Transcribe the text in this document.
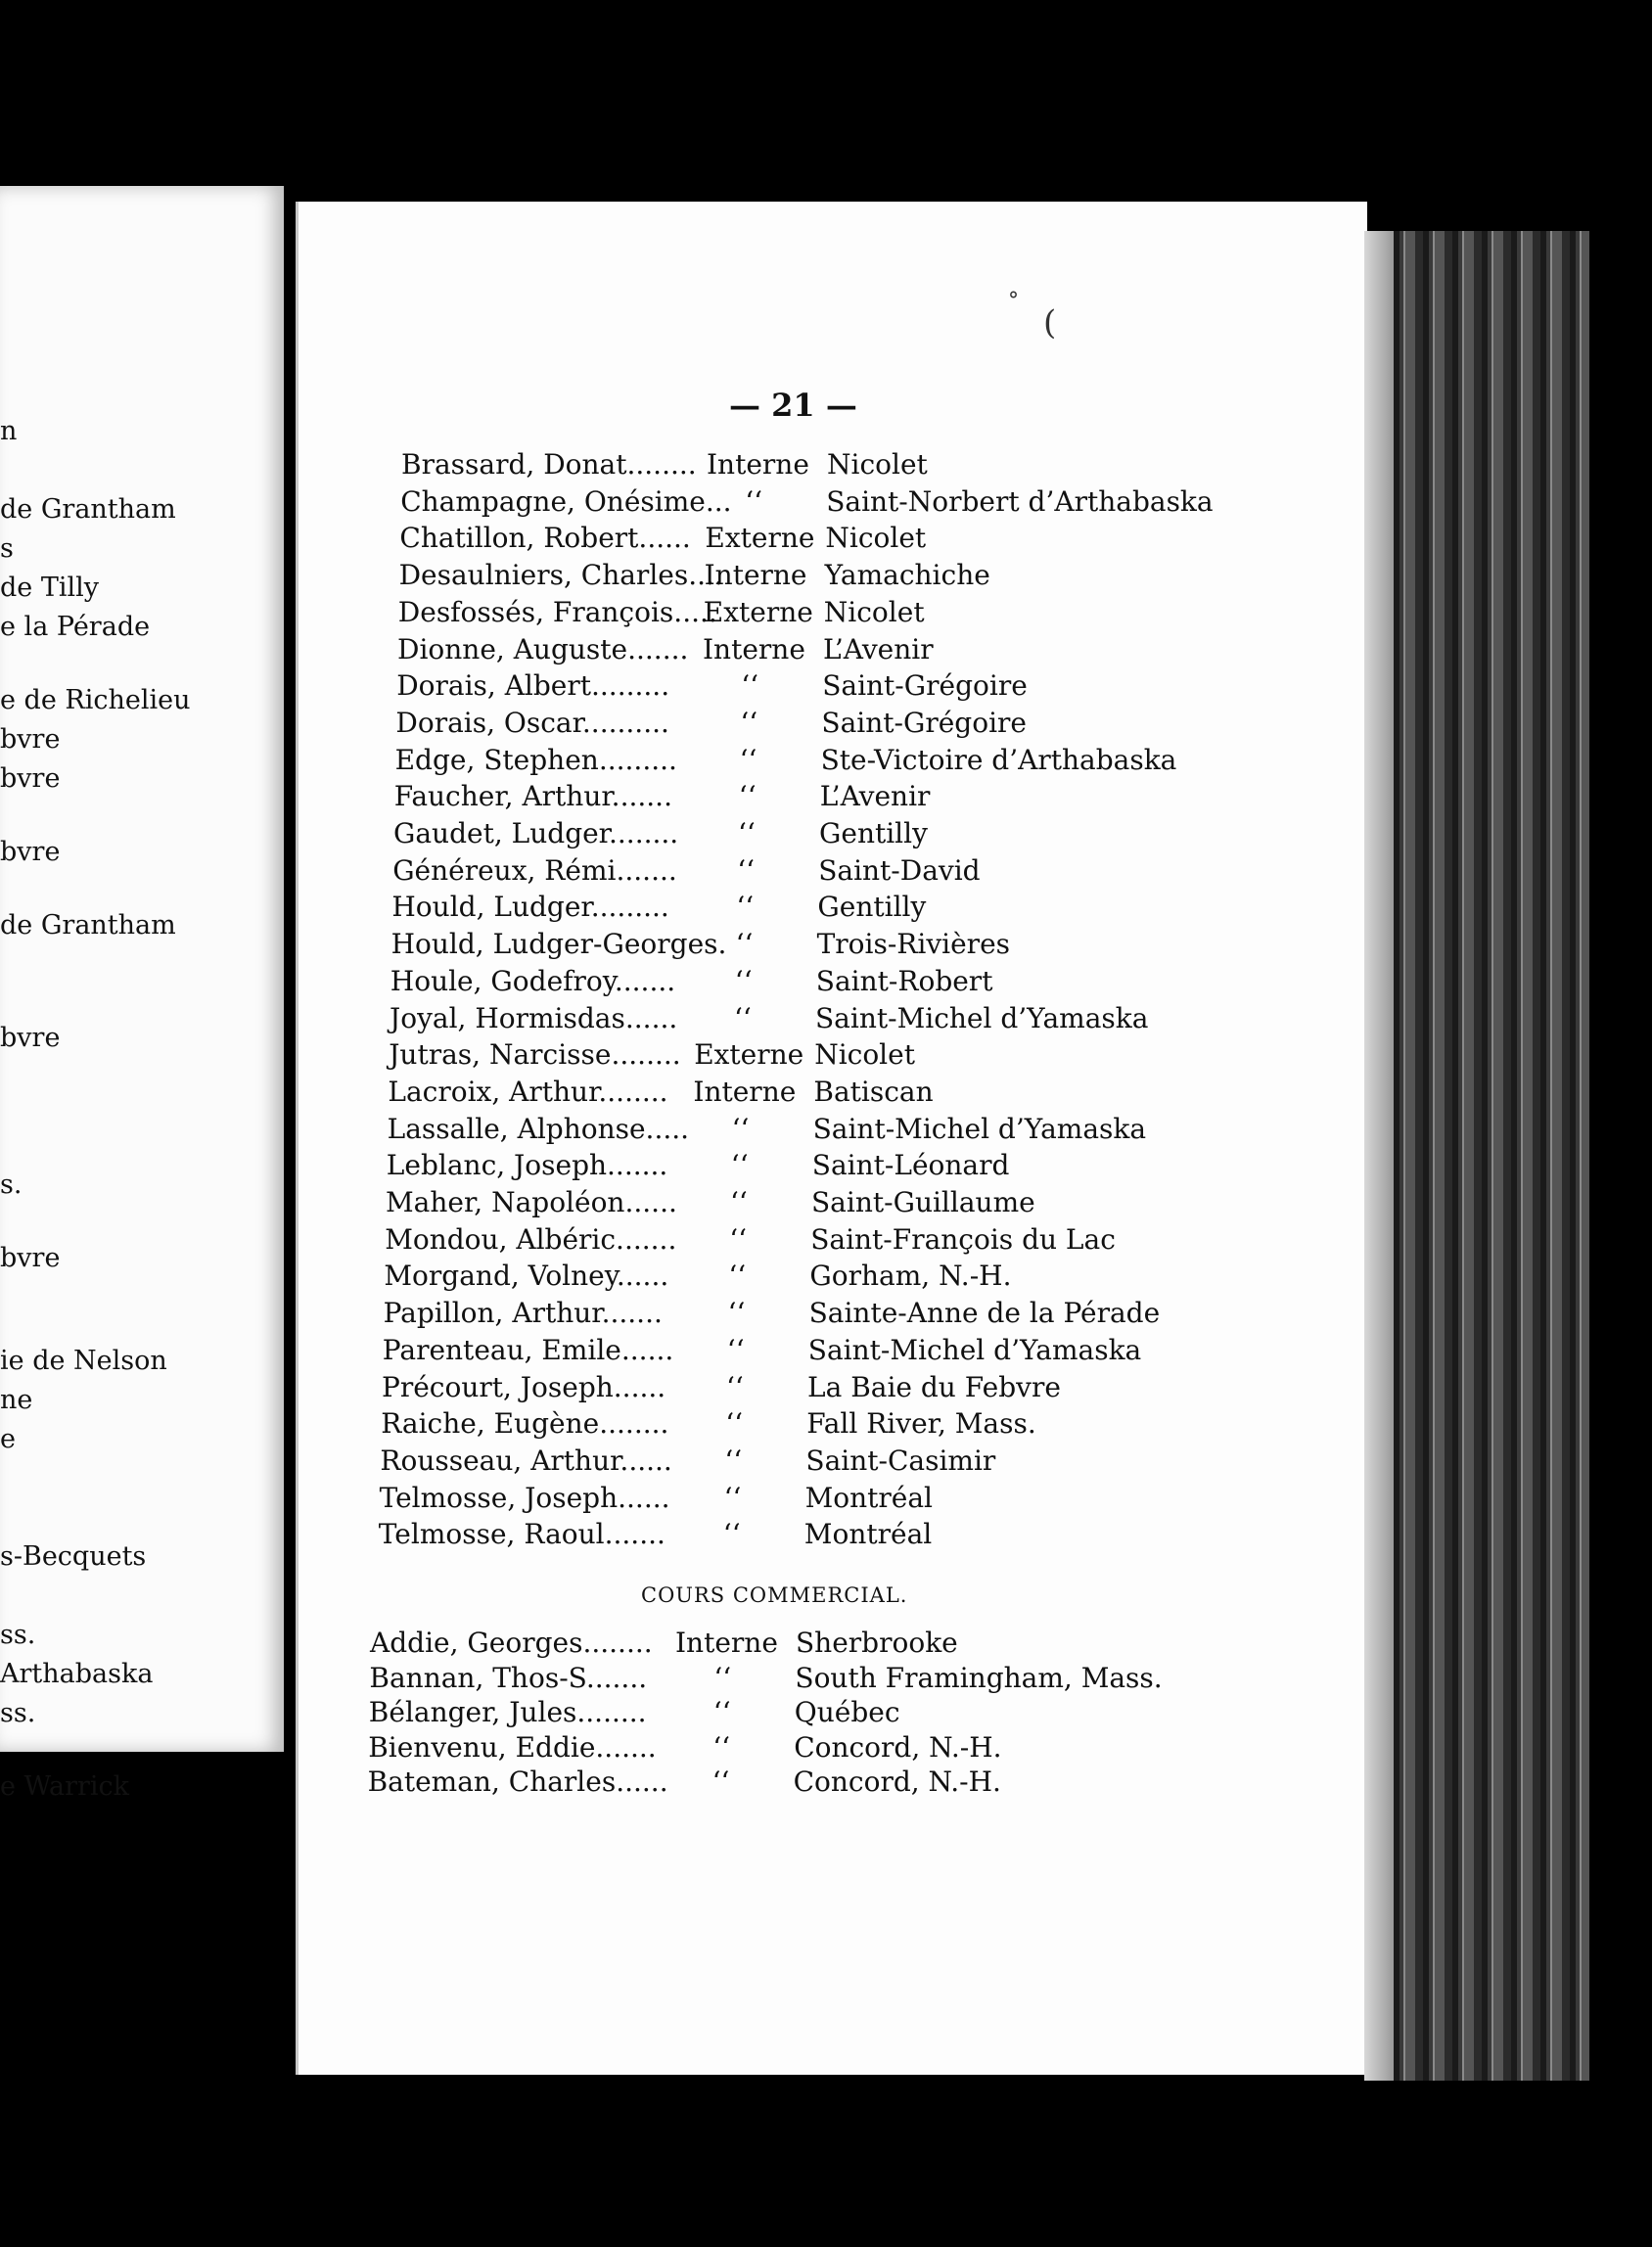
n
de Grantham
s
de Tilly
e la Pérade
e de Richelieu
bvre
bvre
bvre
de Grantham
bvre
s.
bvre
ie de Nelson
ne
e
s-Becquets
ss.
Arthabaska
ss.
e Warrick
— 21 —
Brassard, Donat........ Interne Nicolet
Champagne, Onésime... ‘‘ Saint-Norbert d’Arthabaska
Chatillon, Robert...... Externe Nicolet
Desaulniers, Charles....
Interne Yamachiche
Desfossés, François.....
Externe Nicolet
Dionne, Auguste....... Interne L’Avenir
Dorais, Albert.........	‘‘ Saint-Grégoire
Dorais, Oscar..........	‘‘ Saint-Grégoire
Edge, Stephen......... ‘‘ Ste-Victoire d’Arthabaska
Faucher, Arthur....... ‘‘ L’Avenir
Gaudet, Ludger........ ‘‘ Gentilly
Généreux, Rémi....... ‘‘ Saint-David
Hould, Ludger......... ‘‘ Gentilly
Hould, Ludger-Georges. ‘‘ Trois-Rivières
Houle, Godefroy....... ‘‘ Saint-Robert
Joyal, Hormisdas...... ‘‘ Saint-Michel d’Yamaska
Jutras, Narcisse........ Externe Nicolet
Lacroix, Arthur........ Interne Batiscan
Lassalle, Alphonse..... ‘‘ Saint-Michel d’Yamaska
Leblanc, Joseph....... ‘‘ Saint-Léonard
Maher, Napoléon...... ‘‘ Saint-Guillaume
Mondou, Albéric....... ‘‘ Saint-François du Lac
Morgand, Volney...... ‘‘ Gorham, N.-H.
Papillon, Arthur....... ‘‘ Sainte-Anne de la Pérade
Parenteau, Emile...... ‘‘ Saint-Michel d’Yamaska
Précourt, Joseph...... ‘‘ La Baie du Febvre
Raiche, Eugène........ ‘‘ Fall River, Mass.
Rousseau, Arthur...... ‘‘ Saint-Casimir
Telmosse, Joseph...... ‘‘ Montréal
Telmosse, Raoul....... ‘‘ Montréal
COURS COMMERCIAL.
Addie, Georges........ Interne Sherbrooke
Bannan, Thos-S....... ‘‘ South Framingham, Mass.
Bélanger, Jules........ ‘‘ Québec
Bienvenu, Eddie....... ‘‘ Concord, N.-H.
Bateman, Charles...... ‘‘ Concord, N.-H.
°
(
